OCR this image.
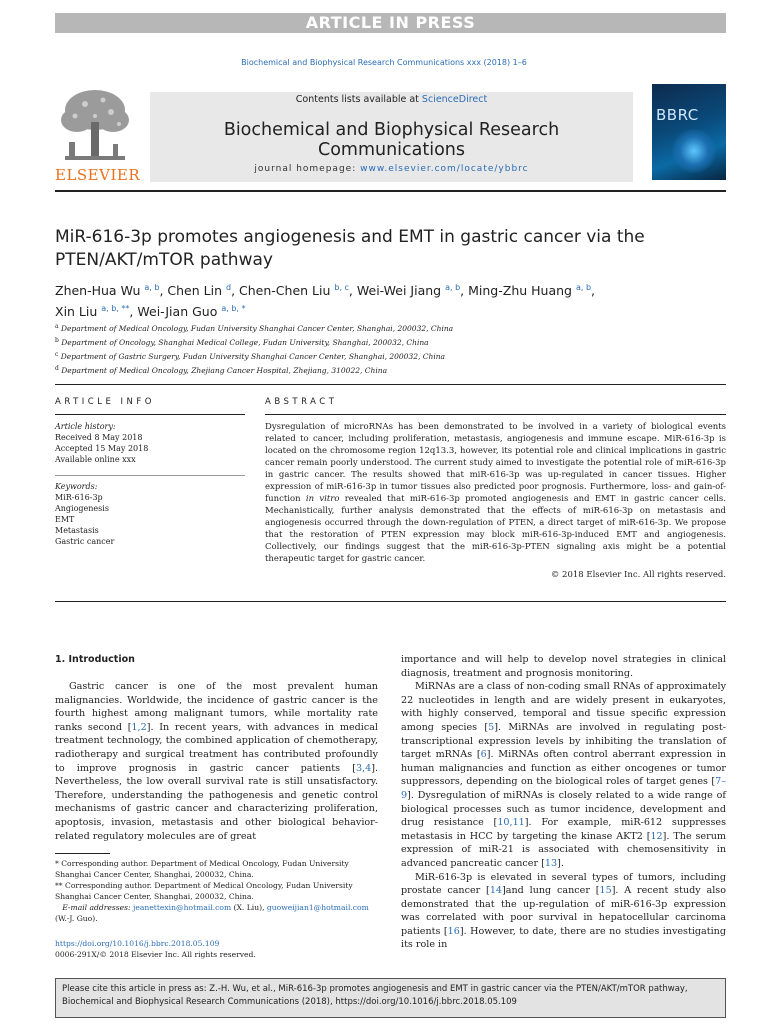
ARTICLE IN PRESS
Biochemical and Biophysical Research Communications xxx (2018) 1–6
ELSEVIER
Contents lists available at ScienceDirect
Biochemical and Biophysical Research Communications
journal homepage: www.elsevier.com/locate/ybbrc
BBRC
MiR-616-3p promotes angiogenesis and EMT in gastric cancer via the PTEN/AKT/mTOR pathway
Zhen-Hua Wu $^{a, b}$, Chen Lin $^d$, Chen-Chen Liu $^{b, c}$, Wei-Wei Jiang $^{a, b}$, Ming-Zhu Huang $^{a, b}$,
Xin Liu $^{a, b, **}$, Wei-Jian Guo $^{a, b, *}$
$^a$ Department of Medical Oncology, Fudan University Shanghai Cancer Center, Shanghai, 200032, China
$^b$ Department of Oncology, Shanghai Medical College, Fudan University, Shanghai, 200032, China
$^c$ Department of Gastric Surgery, Fudan University Shanghai Cancer Center, Shanghai, 200032, China
$^d$ Department of Medical Oncology, Zhejiang Cancer Hospital, Zhejiang, 310022, China
ARTICLE INFO	ABSTRACT
Article history:
Received 8 May 2018
Accepted 15 May 2018
Available online xxx
Keywords:
MiR-616-3p
Angiogenesis
EMT
Metastasis
Gastric cancer
Dysregulation of microRNAs has been demonstrated to be involved in a variety of biological events related to cancer, including proliferation, metastasis, angiogenesis and immune escape. MiR-616-3p is located on the chromosome region 12q13.3, however, its potential role and clinical implications in gastric cancer remain poorly understood. The current study aimed to investigate the potential role of miR-616-3p in gastric cancer. The results showed that miR-616-3p was up-regulated in cancer tissues. Higher expression of miR-616-3p in tumor tissues also predicted poor prognosis. Furthermore, loss- and gain-of-function in vitro revealed that miR-616-3p promoted angiogenesis and EMT in gastric cancer cells. Mechanistically, further analysis demonstrated that the effects of miR-616-3p on metastasis and angiogenesis occurred through the down-regulation of PTEN, a direct target of miR-616-3p. We propose that the restoration of PTEN expression may block miR-616-3p-induced EMT and angiogenesis. Collectively, our findings suggest that the miR-616-3p-PTEN signaling axis might be a potential therapeutic target for gastric cancer.
© 2018 Elsevier Inc. All rights reserved.
1. Introduction

Gastric cancer is one of the most prevalent human malignancies. Worldwide, the incidence of gastric cancer is the fourth highest among malignant tumors, while mortality rate ranks second [1,2]. In recent years, with advances in medical treatment technology, the combined application of chemotherapy, radiotherapy and surgical treatment has contributed profoundly to improve prognosis in gastric cancer patients [3,4]. Nevertheless, the low overall survival rate is still unsatisfactory. Therefore, understanding the pathogenesis and genetic control mechanisms of gastric cancer and characterizing proliferation, apoptosis, invasion, metastasis and other biological behavior-related regulatory molecules are of great

importance and will help to develop novel strategies in clinical diagnosis, treatment and prognosis monitoring.

MiRNAs are a class of non-coding small RNAs of approximately 22 nucleotides in length and are widely present in eukaryotes, with highly conserved, temporal and tissue specific expression among species [5]. MiRNAs are involved in regulating post-transcriptional expression levels by inhibiting the translation of target mRNAs [6]. MiRNAs often control aberrant expression in human malignancies and function as either oncogenes or tumor suppressors, depending on the biological roles of target genes [7–9]. Dysregulation of miRNAs is closely related to a wide range of biological processes such as tumor incidence, development and drug resistance [10,11]. For example, miR-612 suppresses metastasis in HCC by targeting the kinase AKT2 [12]. The serum expression of miR-21 is associated with chemosensitivity in advanced pancreatic cancer [13].

MiR-616-3p is elevated in several types of tumors, including prostate cancer [14]and lung cancer [15]. A recent study also demonstrated that the up-regulation of miR-616-3p expression was correlated with poor survival in hepatocellular carcinoma patients [16]. However, to date, there are no studies investigating its role in

* Corresponding author. Department of Medical Oncology, Fudan University Shanghai Cancer Center, Shanghai, 200032, China.
** Corresponding author. Department of Medical Oncology, Fudan University Shanghai Cancer Center, Shanghai, 200032, China.
E-mail addresses: jeanettexin@hotmail.com (X. Liu), guoweijian1@hotmail.com
(W.-J. Guo).
https://doi.org/10.1016/j.bbrc.2018.05.109
0006-291X/© 2018 Elsevier Inc. All rights reserved.
Please cite this article in press as: Z.-H. Wu, et al., MiR-616-3p promotes angiogenesis and EMT in gastric cancer via the PTEN/AKT/mTOR pathway, Biochemical and Biophysical Research Communications (2018), https://doi.org/10.1016/j.bbrc.2018.05.109
